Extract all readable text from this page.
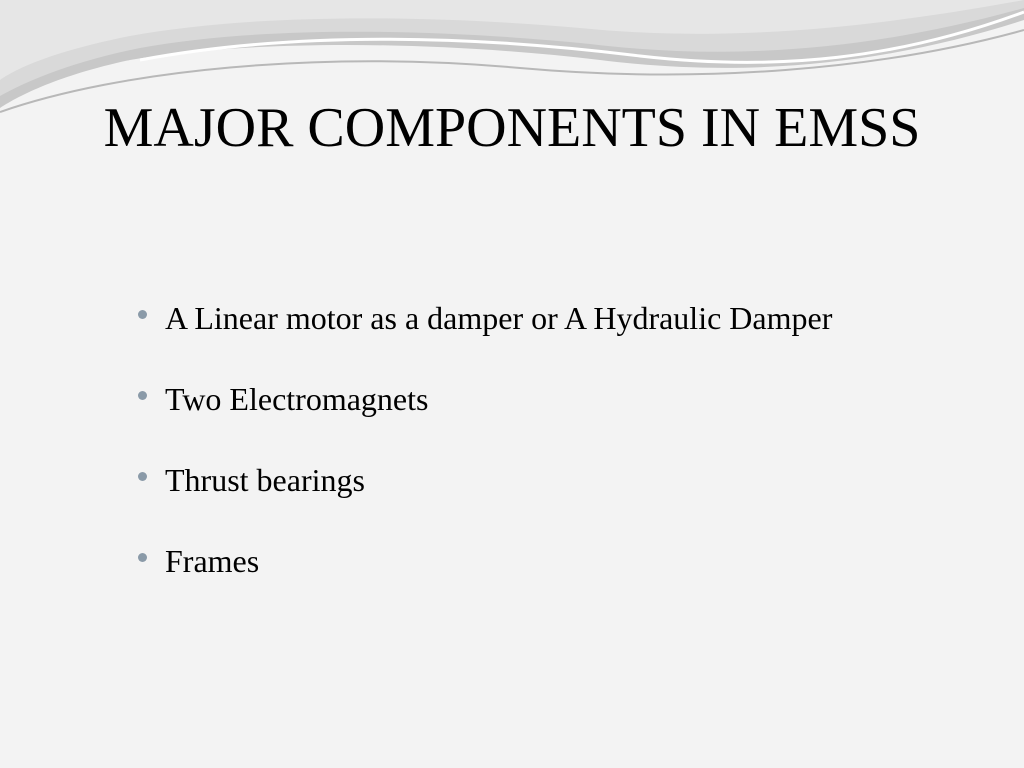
MAJOR COMPONENTS IN EMSS
A Linear motor as a damper or A Hydraulic Damper
Two Electromagnets
Thrust bearings
Frames
